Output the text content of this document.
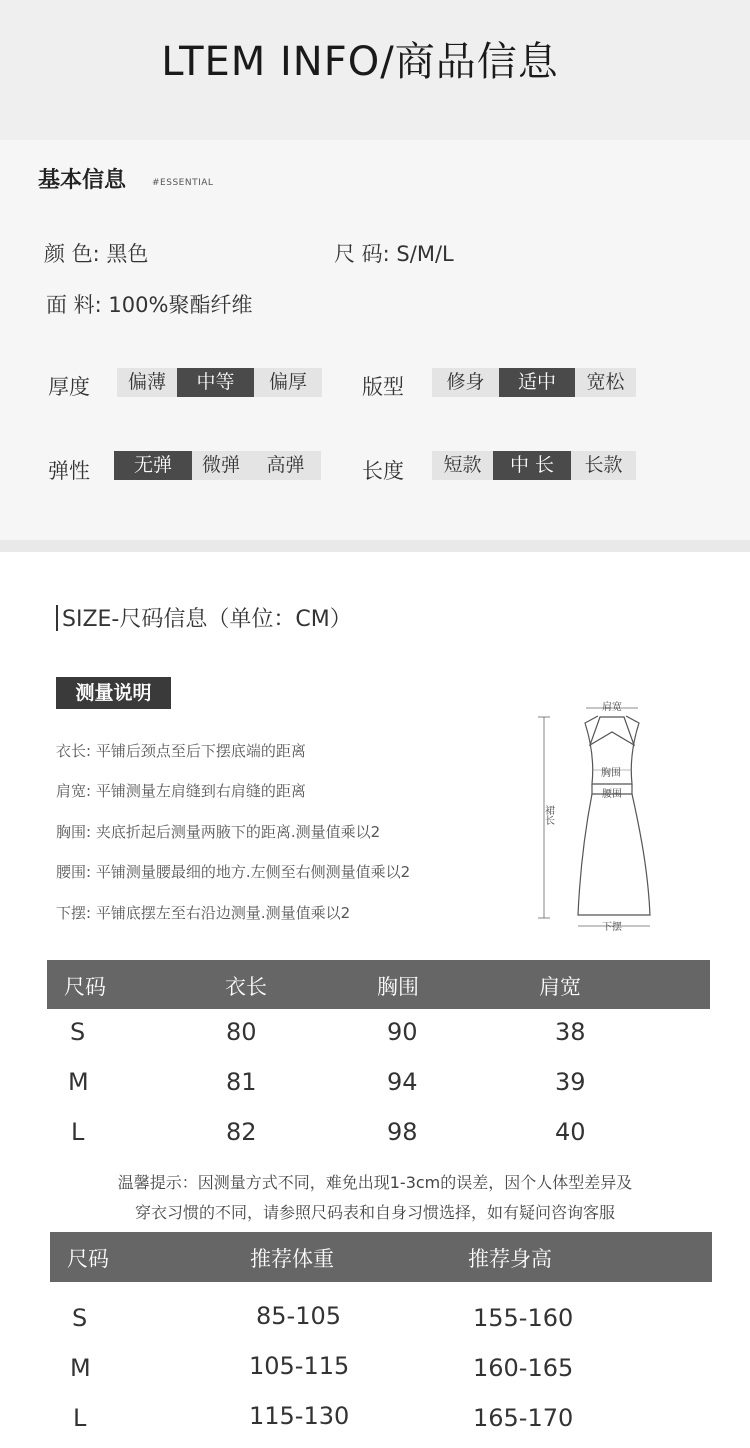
LTEM INFO/商品信息
基本信息	#ESSENTIAL
颜 色: 黑色	尺 码: S/M/L
面 料: 100%聚酯纤维
厚度	偏薄	中等	偏厚	版型	修身	适中	宽松
弹性	无弹	微弹	高弹	长度	短款	中 长	长款
SIZE-尺码信息（单位：CM）
测量说明
衣长: 平铺后颈点至后下摆底端的距离
肩宽: 平铺测量左肩缝到右肩缝的距离
胸围: 夹底折起后测量两腋下的距离.测量值乘以2
腰围: 平铺测量腰最细的地方.左侧至右侧测量值乘以2
下摆: 平铺底摆左至右沿边测量.测量值乘以2
肩宽
胸围
腰围
裙长
下摆
尺码	衣长	胸围	肩宽
S	80	90	38
M	81	94	39
L	82	98	40
温馨提示：因测量方式不同，难免出现1-3cm的误差，因个人体型差异及
穿衣习惯的不同，请参照尺码表和自身习惯选择，如有疑问咨询客服
尺码	推荐体重	推荐身高
S	85-105	155-160
M	105-115	160-165
L	115-130	165-170
